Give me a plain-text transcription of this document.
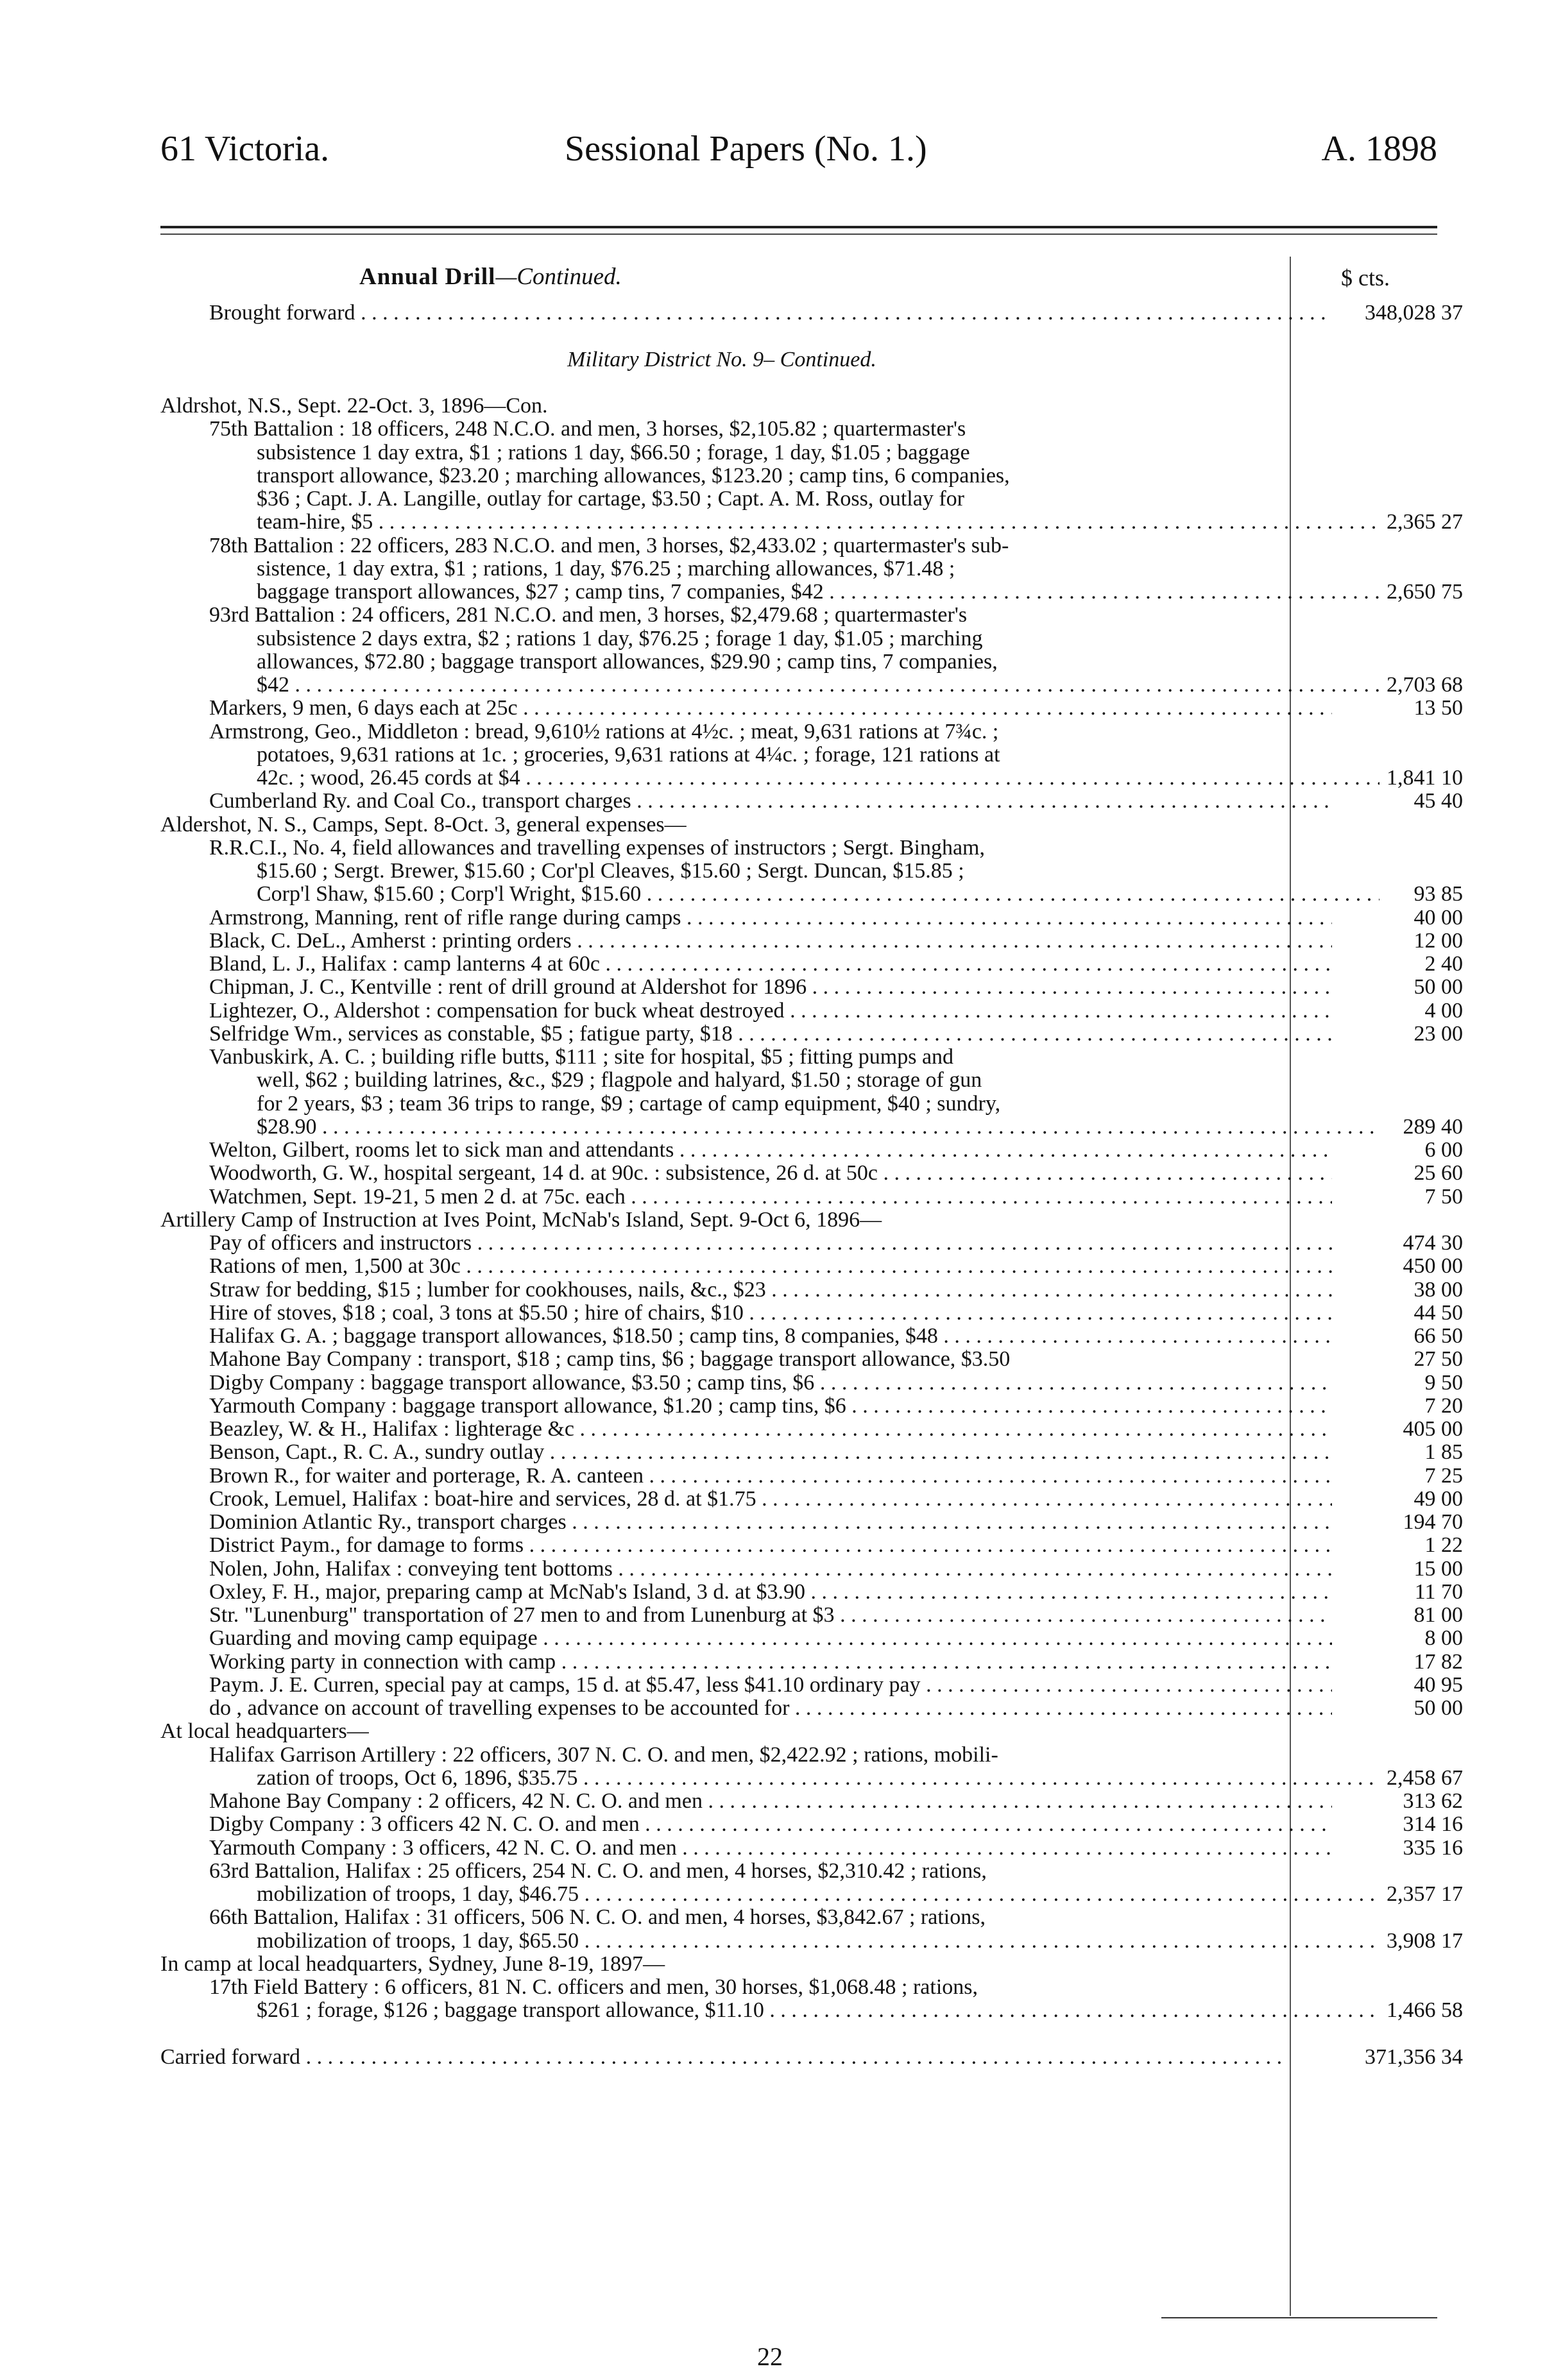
61 Victoria.	Sessional Papers (No. 1.)	A. 1898
Annual Drill—Continued.	$ cts.
Brought forward . . .	348,028 37
Military District No. 9– Continued.
Aldrshot, N.S., Sept. 22-Oct. 3, 1896—Con.
75th Battalion : 18 officers, 248 N.C.O. and men, 3 horses, $2,105.82 ; quartermaster's
subsistence 1 day extra, $1 ; rations 1 day, $66.50 ; forage, 1 day, $1.05 ; baggage
transport allowance, $23.20 ; marching allowances, $123.20 ; camp tins, 6 companies,
$36 ; Capt. J. A. Langille, outlay for cartage, $3.50 ; Capt. A. M. Ross, outlay for
team-hire, $5 . . .	2,365 27
78th Battalion : 22 officers, 283 N.C.O. and men, 3 horses, $2,433.02 ; quartermaster's sub-
sistence, 1 day extra, $1 ; rations, 1 day, $76.25 ; marching allowances, $71.48 ;
baggage transport allowances, $27 ; camp tins, 7 companies, $42 . . .	2,650 75
93rd Battalion : 24 officers, 281 N.C.O. and men, 3 horses, $2,479.68 ; quartermaster's
subsistence 2 days extra, $2 ; rations 1 day, $76.25 ; forage 1 day, $1.05 ; marching
allowances, $72.80 ; baggage transport allowances, $29.90 ; camp tins, 7 companies,
$42 . . .	2,703 68
Markers, 9 men, 6 days each at 25c . . .	13 50
Armstrong, Geo., Middleton : bread, 9,610½ rations at 4½c. ; meat, 9,631 rations at 7¾c. ;
potatoes, 9,631 rations at 1c. ; groceries, 9,631 rations at 4¼c. ; forage, 121 rations at
42c. ; wood, 26.45 cords at $4 . . .	1,841 10
Cumberland Ry. and Coal Co., transport charges . . .	45 40
Aldershot, N. S., Camps, Sept. 8-Oct. 3, general expenses—
R.R.C.I., No. 4, field allowances and travelling expenses of instructors ; Sergt. Bingham,
$15.60 ; Sergt. Brewer, $15.60 ; Cor'pl Cleaves, $15.60 ; Sergt. Duncan, $15.85 ;
Corp'l Shaw, $15.60 ; Corp'l Wright, $15.60 . . .	93 85
Armstrong, Manning, rent of rifle range during camps . . .	40 00
Black, C. DeL., Amherst : printing orders . . .	12 00
Bland, L. J., Halifax : camp lanterns 4 at 60c . . .	2 40
Chipman, J. C., Kentville : rent of drill ground at Aldershot for 1896 . . .	50 00
Lightezer, O., Aldershot : compensation for buck wheat destroyed . . .	4 00
Selfridge Wm., services as constable, $5 ; fatigue party, $18 . . .	23 00
Vanbuskirk, A. C. ; building rifle butts, $111 ; site for hospital, $5 ; fitting pumps and
well, $62 ; building latrines, &c., $29 ; flagpole and halyard, $1.50 ; storage of gun
for 2 years, $3 ; team 36 trips to range, $9 ; cartage of camp equipment, $40 ; sundry,
$28.90 . . .	289 40
Welton, Gilbert, rooms let to sick man and attendants . . .	6 00
Woodworth, G. W., hospital sergeant, 14 d. at 90c. : subsistence, 26 d. at 50c . . .	25 60
Watchmen, Sept. 19-21, 5 men 2 d. at 75c. each . . .	7 50
Artillery Camp of Instruction at Ives Point, McNab's Island, Sept. 9-Oct 6, 1896—
Pay of officers and instructors . . .	474 30
Rations of men, 1,500 at 30c . . .	450 00
Straw for bedding, $15 ; lumber for cookhouses, nails, &c., $23 . . .	38 00
Hire of stoves, $18 ; coal, 3 tons at $5.50 ; hire of chairs, $10 . . .	44 50
Halifax G. A. ; baggage transport allowances, $18.50 ; camp tins, 8 companies, $48 . . .	66 50
Mahone Bay Company : transport, $18 ; camp tins, $6 ; baggage transport allowance, $3.50	27 50
Digby Company : baggage transport allowance, $3.50 ; camp tins, $6 . . .	9 50
Yarmouth Company : baggage transport allowance, $1.20 ; camp tins, $6 . . .	7 20
Beazley, W. & H., Halifax : lighterage &c . . .	405 00
Benson, Capt., R. C. A., sundry outlay . . .	1 85
Brown R., for waiter and porterage, R. A. canteen . . .	7 25
Crook, Lemuel, Halifax : boat-hire and services, 28 d. at $1.75 . . .	49 00
Dominion Atlantic Ry., transport charges . . .	194 70
District Paym., for damage to forms . . .	1 22
Nolen, John, Halifax : conveying tent bottoms . . .	15 00
Oxley, F. H., major, preparing camp at McNab's Island, 3 d. at $3.90 . . .	11 70
Str. "Lunenburg" transportation of 27 men to and from Lunenburg at $3 . . .	81 00
Guarding and moving camp equipage . . .	8 00
Working party in connection with camp . . .	17 82
Paym. J. E. Curren, special pay at camps, 15 d. at $5.47, less $41.10 ordinary pay . . .	40 95
do , advance on account of travelling expenses to be accounted for . . .	50 00
At local headquarters—
Halifax Garrison Artillery : 22 officers, 307 N. C. O. and men, $2,422.92 ; rations, mobili-
zation of troops, Oct 6, 1896, $35.75 . . .	2,458 67
Mahone Bay Company : 2 officers, 42 N. C. O. and men . . .	313 62
Digby Company : 3 officers 42 N. C. O. and men . . .	314 16
Yarmouth Company : 3 officers, 42 N. C. O. and men . . .	335 16
63rd Battalion, Halifax : 25 officers, 254 N. C. O. and men, 4 horses, $2,310.42 ; rations,
mobilization of troops, 1 day, $46.75 . . .	2,357 17
66th Battalion, Halifax : 31 officers, 506 N. C. O. and men, 4 horses, $3,842.67 ; rations,
mobilization of troops, 1 day, $65.50 . . .	3,908 17
In camp at local headquarters, Sydney, June 8-19, 1897—
17th Field Battery : 6 officers, 81 N. C. officers and men, 30 horses, $1,068.48 ; rations,
$261 ; forage, $126 ; baggage transport allowance, $11.10 . . .	1,466 58
Carried forward . . .	371,356 34
22
